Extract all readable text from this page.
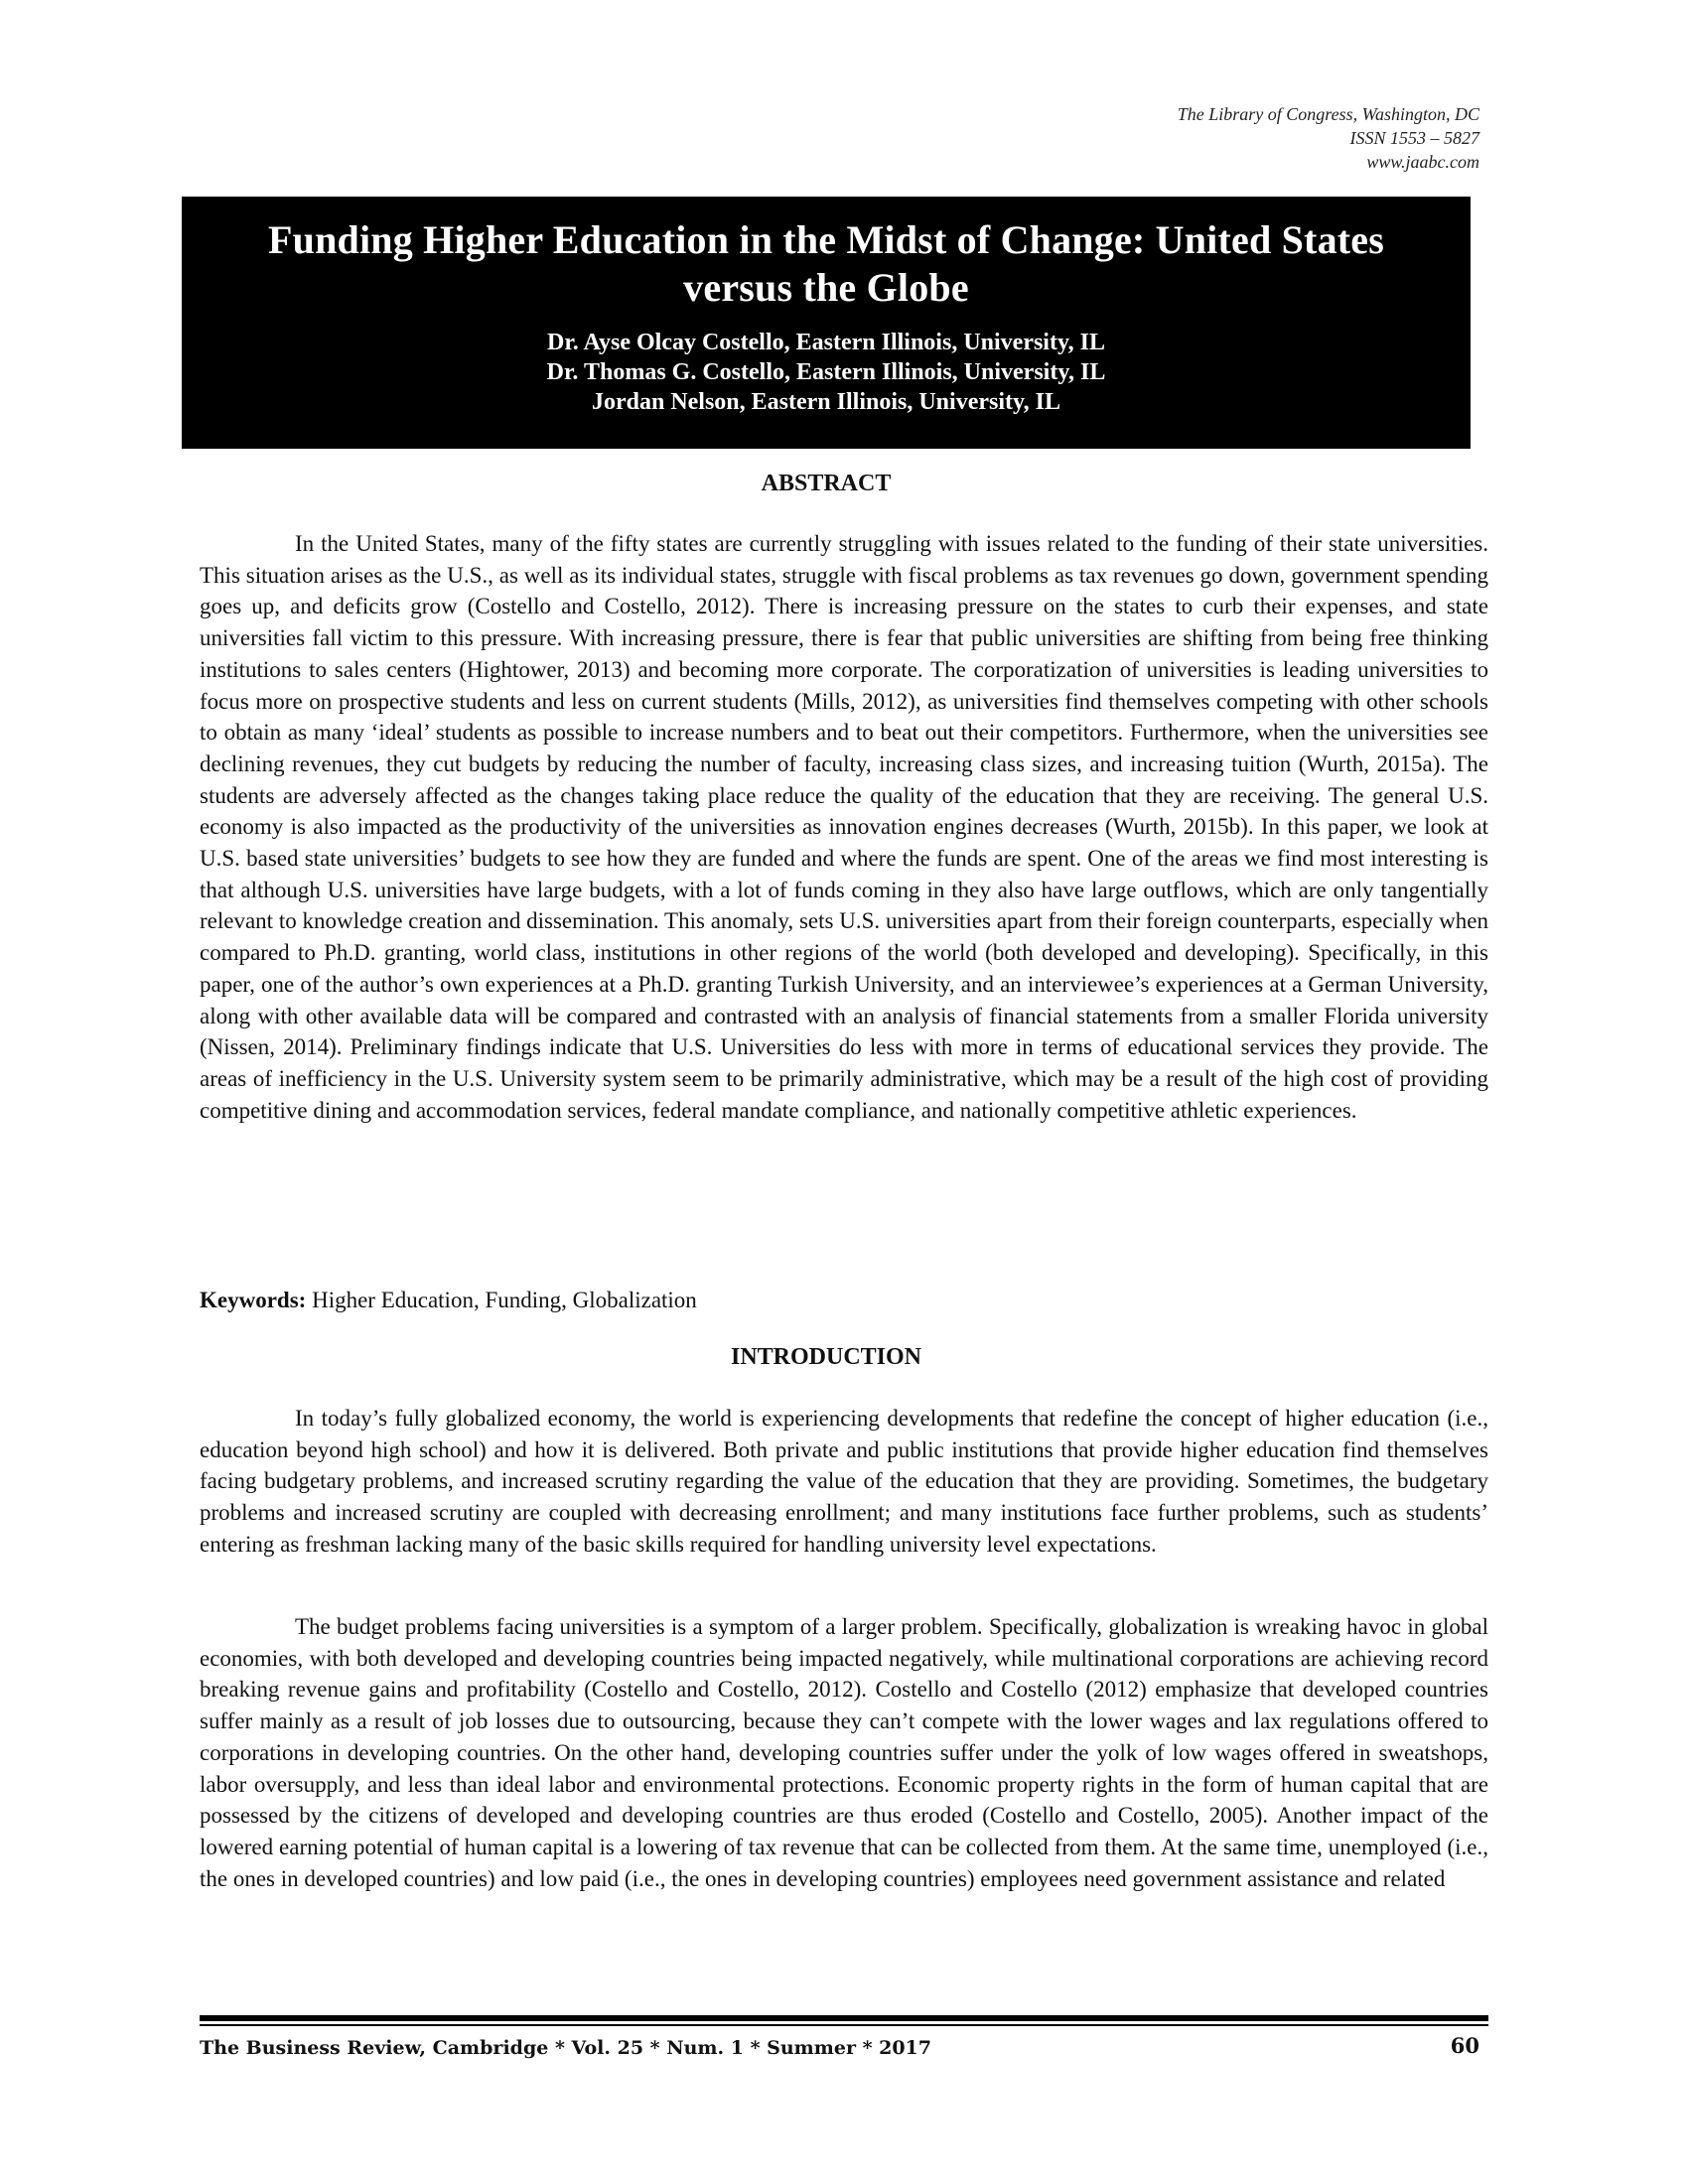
The Library of Congress, Washington, DC
ISSN 1553 – 5827
www.jaabc.com
Funding Higher Education in the Midst of Change: United States versus the Globe
Dr. Ayse Olcay Costello, Eastern Illinois, University, IL
Dr. Thomas G. Costello, Eastern Illinois, University, IL
Jordan Nelson, Eastern Illinois, University, IL
ABSTRACT

In the United States, many of the fifty states are currently struggling with issues related to the funding of their state universities. This situation arises as the U.S., as well as its individual states, struggle with fiscal problems as tax revenues go down, government spending goes up, and deficits grow (Costello and Costello, 2012). There is increasing pressure on the states to curb their expenses, and state universities fall victim to this pressure. With increasing pressure, there is fear that public universities are shifting from being free thinking institutions to sales centers (Hightower, 2013) and becoming more corporate. The corporatization of universities is leading universities to focus more on prospective students and less on current students (Mills, 2012), as universities find themselves competing with other schools to obtain as many ‘ideal’ students as possible to increase numbers and to beat out their competitors. Furthermore, when the universities see declining revenues, they cut budgets by reducing the number of faculty, increasing class sizes, and increasing tuition (Wurth, 2015a). The students are adversely affected as the changes taking place reduce the quality of the education that they are receiving. The general U.S. economy is also impacted as the productivity of the universities as innovation engines decreases (Wurth, 2015b). In this paper, we look at U.S. based state universities’ budgets to see how they are funded and where the funds are spent. One of the areas we find most interesting is that although U.S. universities have large budgets, with a lot of funds coming in they also have large outflows, which are only tangentially relevant to knowledge creation and dissemination. This anomaly, sets U.S. universities apart from their foreign counterparts, especially when compared to Ph.D. granting, world class, institutions in other regions of the world (both developed and developing). Specifically, in this paper, one of the author’s own experiences at a Ph.D. granting Turkish University, and an interviewee’s experiences at a German University, along with other available data will be compared and contrasted with an analysis of financial statements from a smaller Florida university (Nissen, 2014). Preliminary findings indicate that U.S. Universities do less with more in terms of educational services they provide. The areas of inefficiency in the U.S. University system seem to be primarily administrative, which may be a result of the high cost of providing competitive dining and accommodation services, federal mandate compliance, and nationally competitive athletic experiences.

Keywords: Higher Education, Funding, Globalization
INTRODUCTION

In today’s fully globalized economy, the world is experiencing developments that redefine the concept of higher education (i.e., education beyond high school) and how it is delivered. Both private and public institutions that provide higher education find themselves facing budgetary problems, and increased scrutiny regarding the value of the education that they are providing. Sometimes, the budgetary problems and increased scrutiny are coupled with decreasing enrollment; and many institutions face further problems, such as students’ entering as freshman lacking many of the basic skills required for handling university level expectations.

The budget problems facing universities is a symptom of a larger problem. Specifically, globalization is wreaking havoc in global economies, with both developed and developing countries being impacted negatively, while multinational corporations are achieving record breaking revenue gains and profitability (Costello and Costello, 2012). Costello and Costello (2012) emphasize that developed countries suffer mainly as a result of job losses due to outsourcing, because they can’t compete with the lower wages and lax regulations offered to corporations in developing countries. On the other hand, developing countries suffer under the yolk of low wages offered in sweatshops, labor oversupply, and less than ideal labor and environmental protections. Economic property rights in the form of human capital that are possessed by the citizens of developed and developing countries are thus eroded (Costello and Costello, 2005). Another impact of the lowered earning potential of human capital is a lowering of tax revenue that can be collected from them. At the same time, unemployed (i.e., the ones in developed countries) and low paid (i.e., the ones in developing countries) employees need government assistance and related

The Business Review, Cambridge * Vol. 25 * Num. 1 * Summer * 2017	60
